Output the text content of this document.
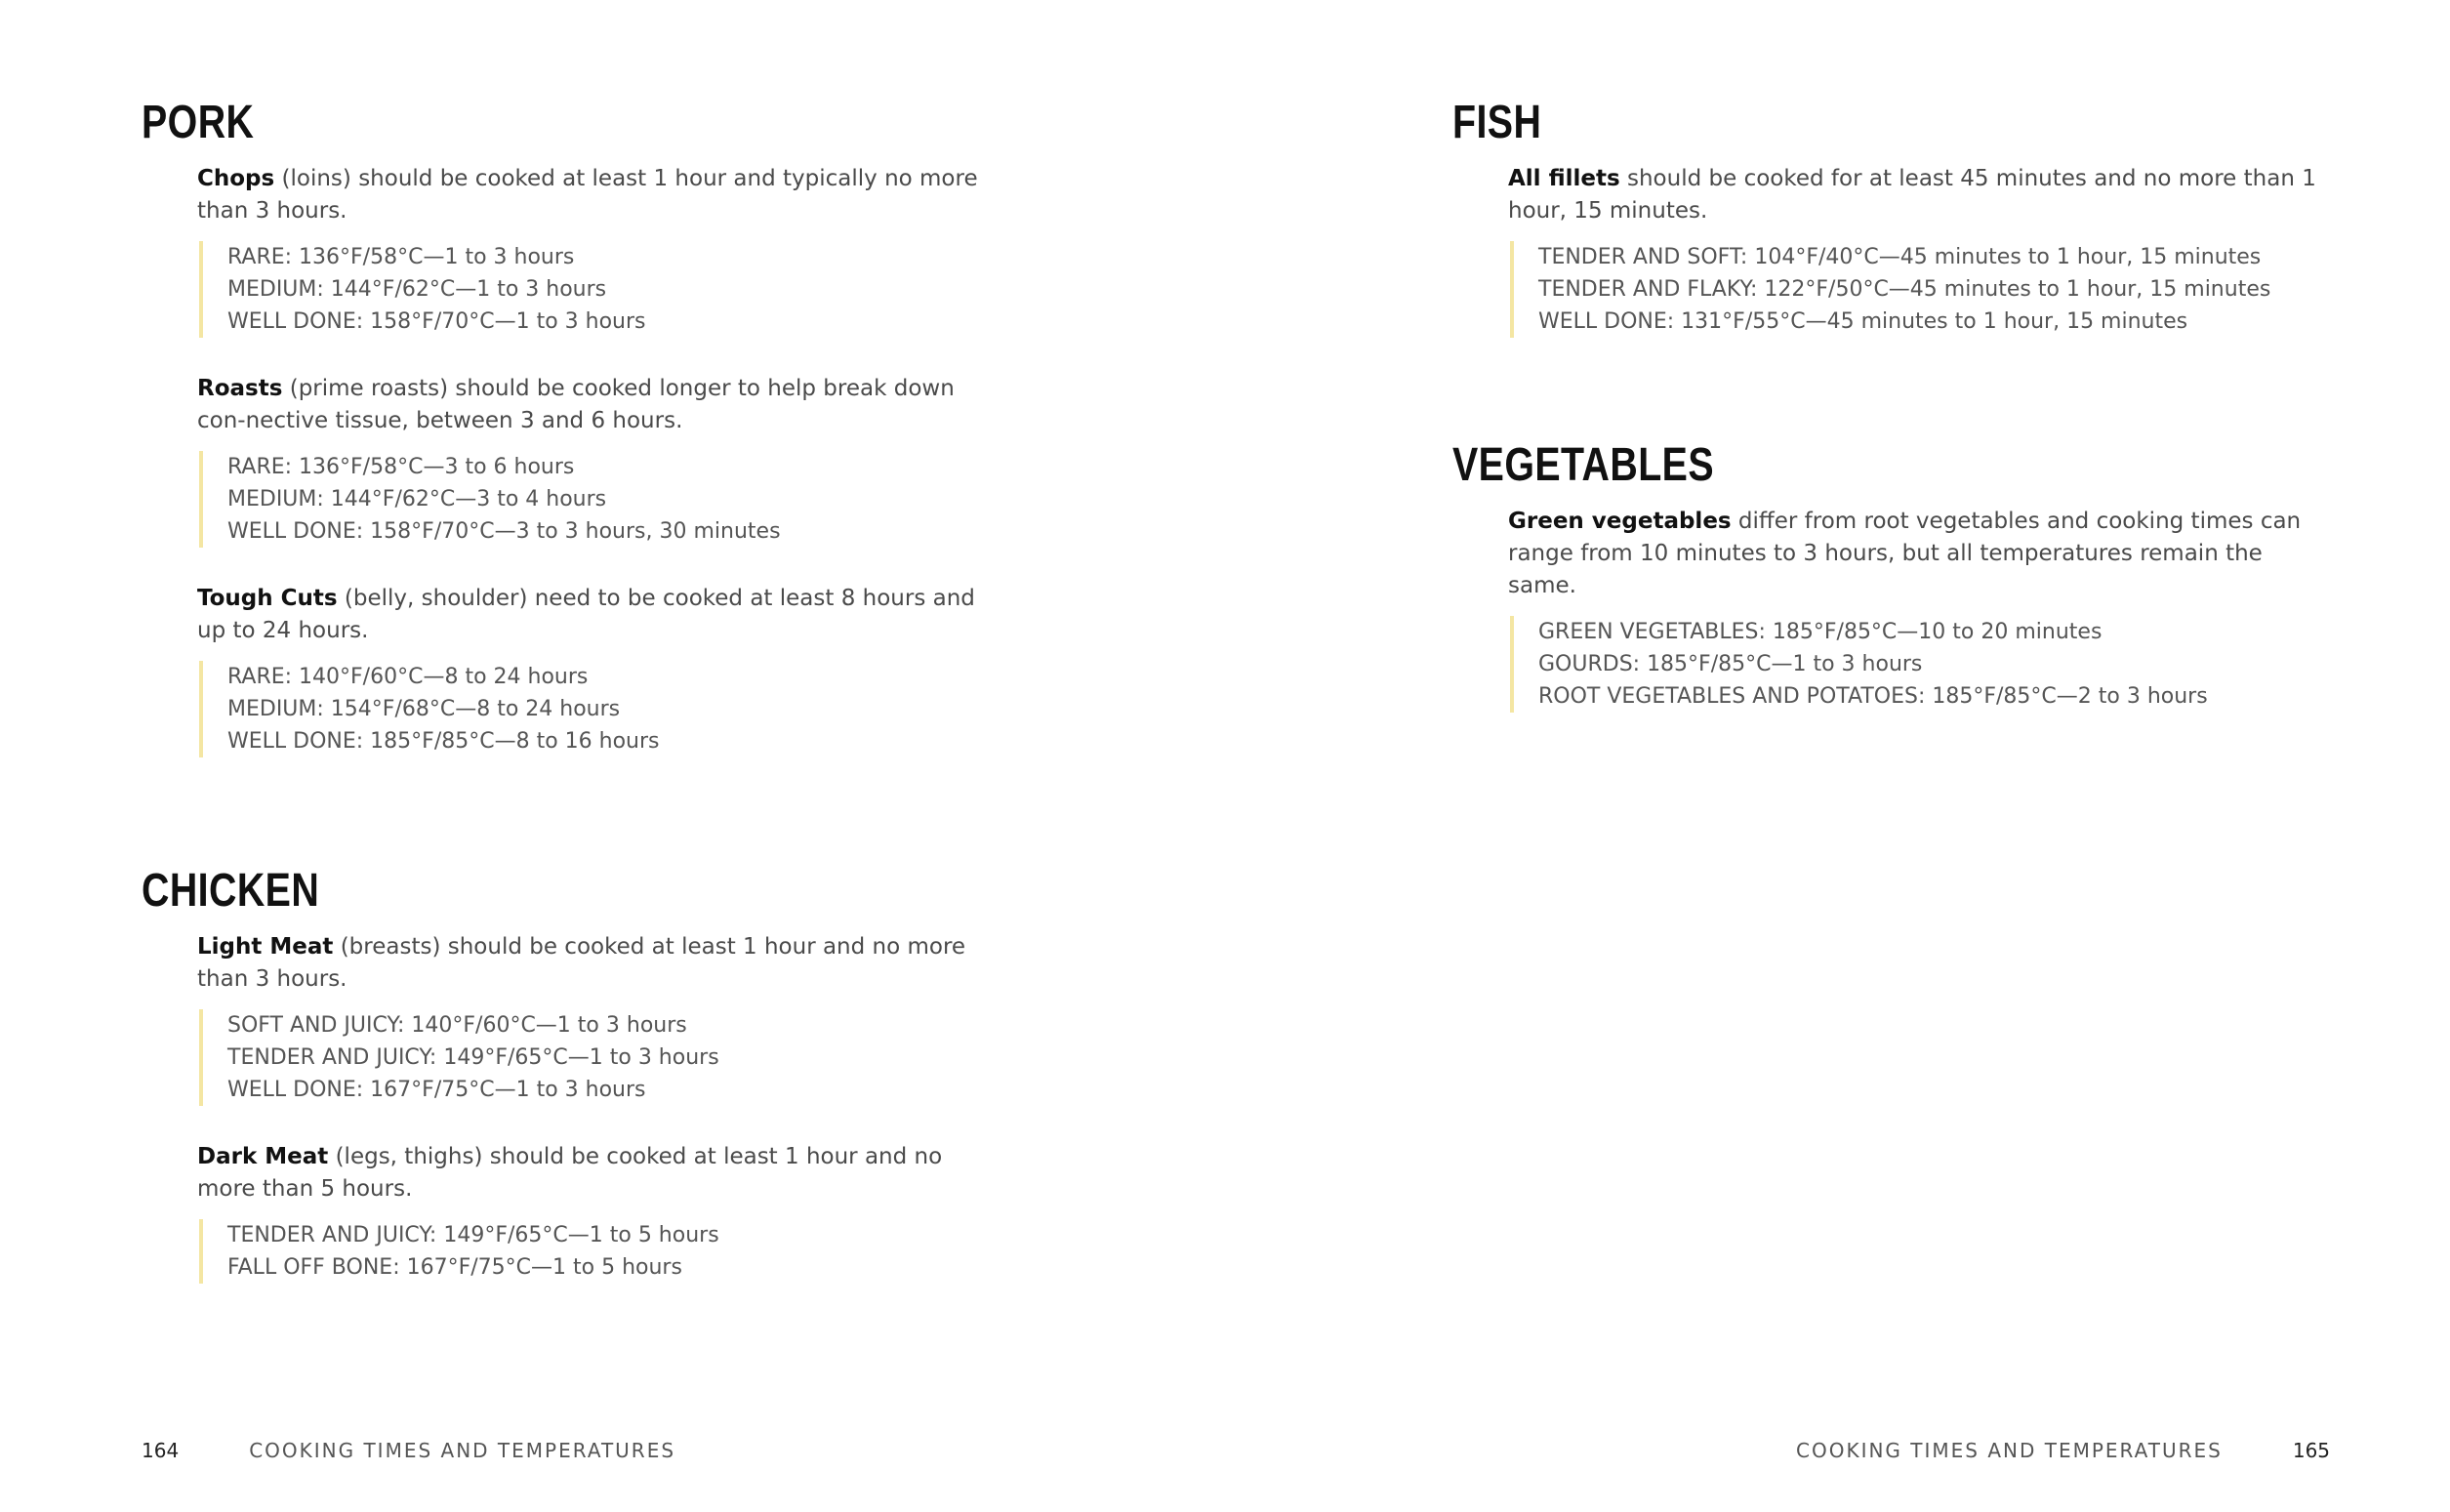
PORK

Chops (loins) should be cooked at least 1 hour and typically no more than 3 hours.

RARE: 136°F/58°C—1 to 3 hours
MEDIUM: 144°F/62°C—1 to 3 hours
WELL DONE: 158°F/70°C—1 to 3 hours

Roasts (prime roasts) should be cooked longer to help break down con-nective tissue, between 3 and 6 hours.

RARE: 136°F/58°C—3 to 6 hours
MEDIUM: 144°F/62°C—3 to 4 hours
WELL DONE: 158°F/70°C—3 to 3 hours, 30 minutes

Tough Cuts (belly, shoulder) need to be cooked at least 8 hours and up to 24 hours.

RARE: 140°F/60°C—8 to 24 hours
MEDIUM: 154°F/68°C—8 to 24 hours
WELL DONE: 185°F/85°C—8 to 16 hours
CHICKEN

Light Meat (breasts) should be cooked at least 1 hour and no more than 3 hours.

SOFT AND JUICY: 140°F/60°C—1 to 3 hours
TENDER AND JUICY: 149°F/65°C—1 to 3 hours
WELL DONE: 167°F/75°C—1 to 3 hours

Dark Meat (legs, thighs) should be cooked at least 1 hour and no more than 5 hours.

TENDER AND JUICY: 149°F/65°C—1 to 5 hours
FALL OFF BONE: 167°F/75°C—1 to 5 hours
164	COOKING TIMES AND TEMPERATURES
FISH

All fillets should be cooked for at least 45 minutes and no more than 1 hour, 15 minutes.

TENDER AND SOFT: 104°F/40°C—45 minutes to 1 hour, 15 minutes
TENDER AND FLAKY: 122°F/50°C—45 minutes to 1 hour, 15 minutes
WELL DONE: 131°F/55°C—45 minutes to 1 hour, 15 minutes
VEGETABLES

Green vegetables differ from root vegetables and cooking times can range from 10 minutes to 3 hours, but all temperatures remain the same.

GREEN VEGETABLES: 185°F/85°C—10 to 20 minutes
GOURDS: 185°F/85°C—1 to 3 hours
ROOT VEGETABLES AND POTATOES: 185°F/85°C—2 to 3 hours
COOKING TIMES AND TEMPERATURES	165
